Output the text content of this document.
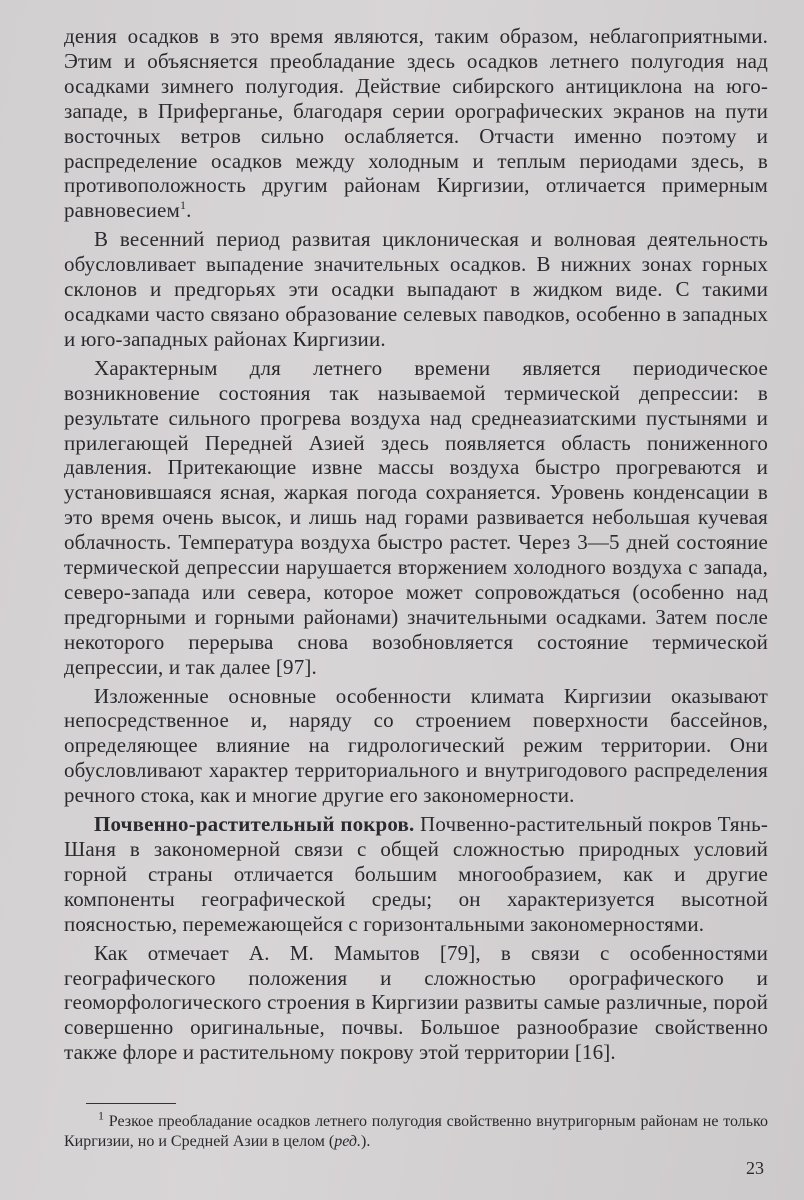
дения осадков в это время являются, таким образом, неблагоприятными. Этим и объясняется преобладание здесь осадков летнего полугодия над осадками зимнего полугодия. Действие сибирского антициклона на юго-западе, в Приферганье, благодаря серии орографических экранов на пути восточных ветров сильно ослабляется. Отчасти именно поэтому и распределение осадков между холодным и теплым периодами здесь, в противоположность другим районам Киргизии, отличается примерным равновесием$^1$.

В весенний период развитая циклоническая и волновая деятельность обусловливает выпадение значительных осадков. В нижних зонах горных склонов и предгорьях эти осадки выпадают в жидком виде. С такими осадками часто связано образование селевых паводков, особенно в западных и юго-западных районах Киргизии.

Характерным для летнего времени является периодическое возникновение состояния так называемой термической депрессии: в результате сильного прогрева воздуха над среднеазиатскими пустынями и прилегающей Передней Азией здесь появляется область пониженного давления. Притекающие извне массы воздуха быстро прогреваются и установившаяся ясная, жаркая погода сохраняется. Уровень конденсации в это время очень высок, и лишь над горами развивается небольшая кучевая облачность. Температура воздуха быстро растет. Через 3—5 дней состояние термической депрессии нарушается вторжением холодного воздуха с запада, северо-запада или севера, которое может сопровождаться (особенно над предгорными и горными районами) значительными осадками. Затем после некоторого перерыва снова возобновляется состояние термической депрессии, и так далее [97].

Изложенные основные особенности климата Киргизии оказывают непосредственное и, наряду со строением поверхности бассейнов, определяющее влияние на гидрологический режим территории. Они обусловливают характер территориального и внутригодового распределения речного стока, как и многие другие его закономерности.

Почвенно-растительный покров. Почвенно-растительный покров Тянь-Шаня в закономерной связи с общей сложностью природных условий горной страны отличается большим многообразием, как и другие компоненты географической среды; он характеризуется высотной поясностью, перемежающейся с горизонтальными закономерностями.

Как отмечает А. М. Мамытов [79], в связи с особенностями географического положения и сложностью орографического и геоморфологического строения в Киргизии развиты самые различные, порой совершенно оригинальные, почвы. Большое разнообразие свойственно также флоре и растительному покрову этой территории [16].

$^1$ Резкое преобладание осадков летнего полугодия свойственно внутригорным районам не только Киргизии, но и Средней Азии в целом (ред.).

23
